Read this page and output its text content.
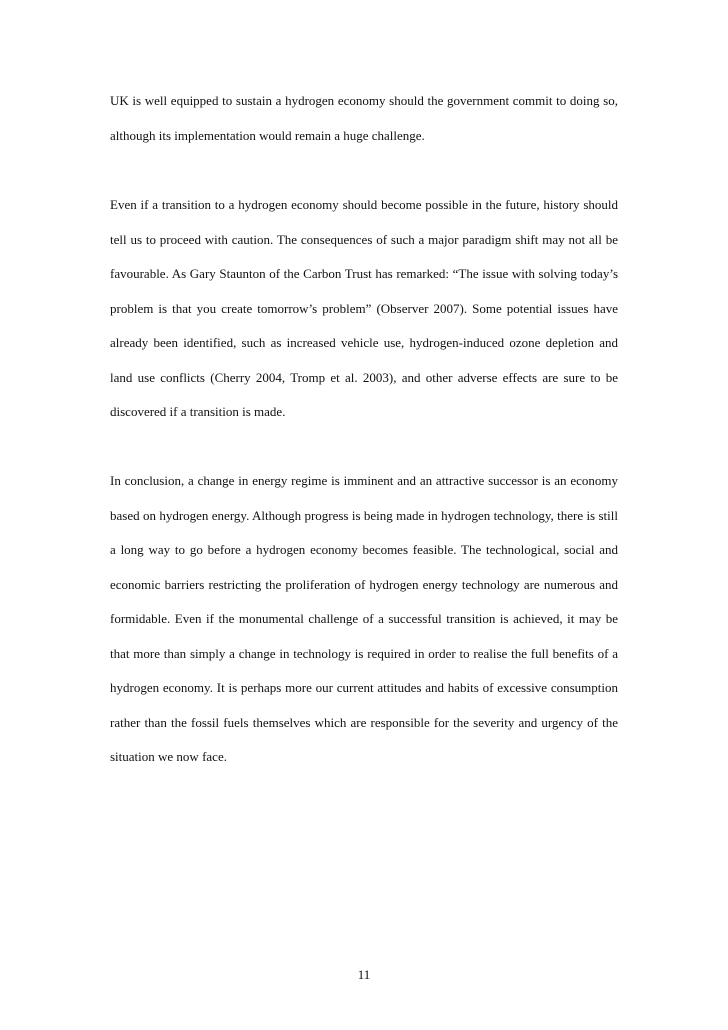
UK is well equipped to sustain a hydrogen economy should the government commit to doing so, although its implementation would remain a huge challenge.

Even if a transition to a hydrogen economy should become possible in the future, history should tell us to proceed with caution. The consequences of such a major paradigm shift may not all be favourable. As Gary Staunton of the Carbon Trust has remarked: “The issue with solving today’s problem is that you create tomorrow’s problem” (Observer 2007). Some potential issues have already been identified, such as increased vehicle use, hydrogen-induced ozone depletion and land use conflicts (Cherry 2004, Tromp et al. 2003), and other adverse effects are sure to be discovered if a transition is made.

In conclusion, a change in energy regime is imminent and an attractive successor is an economy based on hydrogen energy. Although progress is being made in hydrogen technology, there is still a long way to go before a hydrogen economy becomes feasible. The technological, social and economic barriers restricting the proliferation of hydrogen energy technology are numerous and formidable. Even if the monumental challenge of a successful transition is achieved, it may be that more than simply a change in technology is required in order to realise the full benefits of a hydrogen economy. It is perhaps more our current attitudes and habits of excessive consumption rather than the fossil fuels themselves which are responsible for the severity and urgency of the situation we now face.

11
